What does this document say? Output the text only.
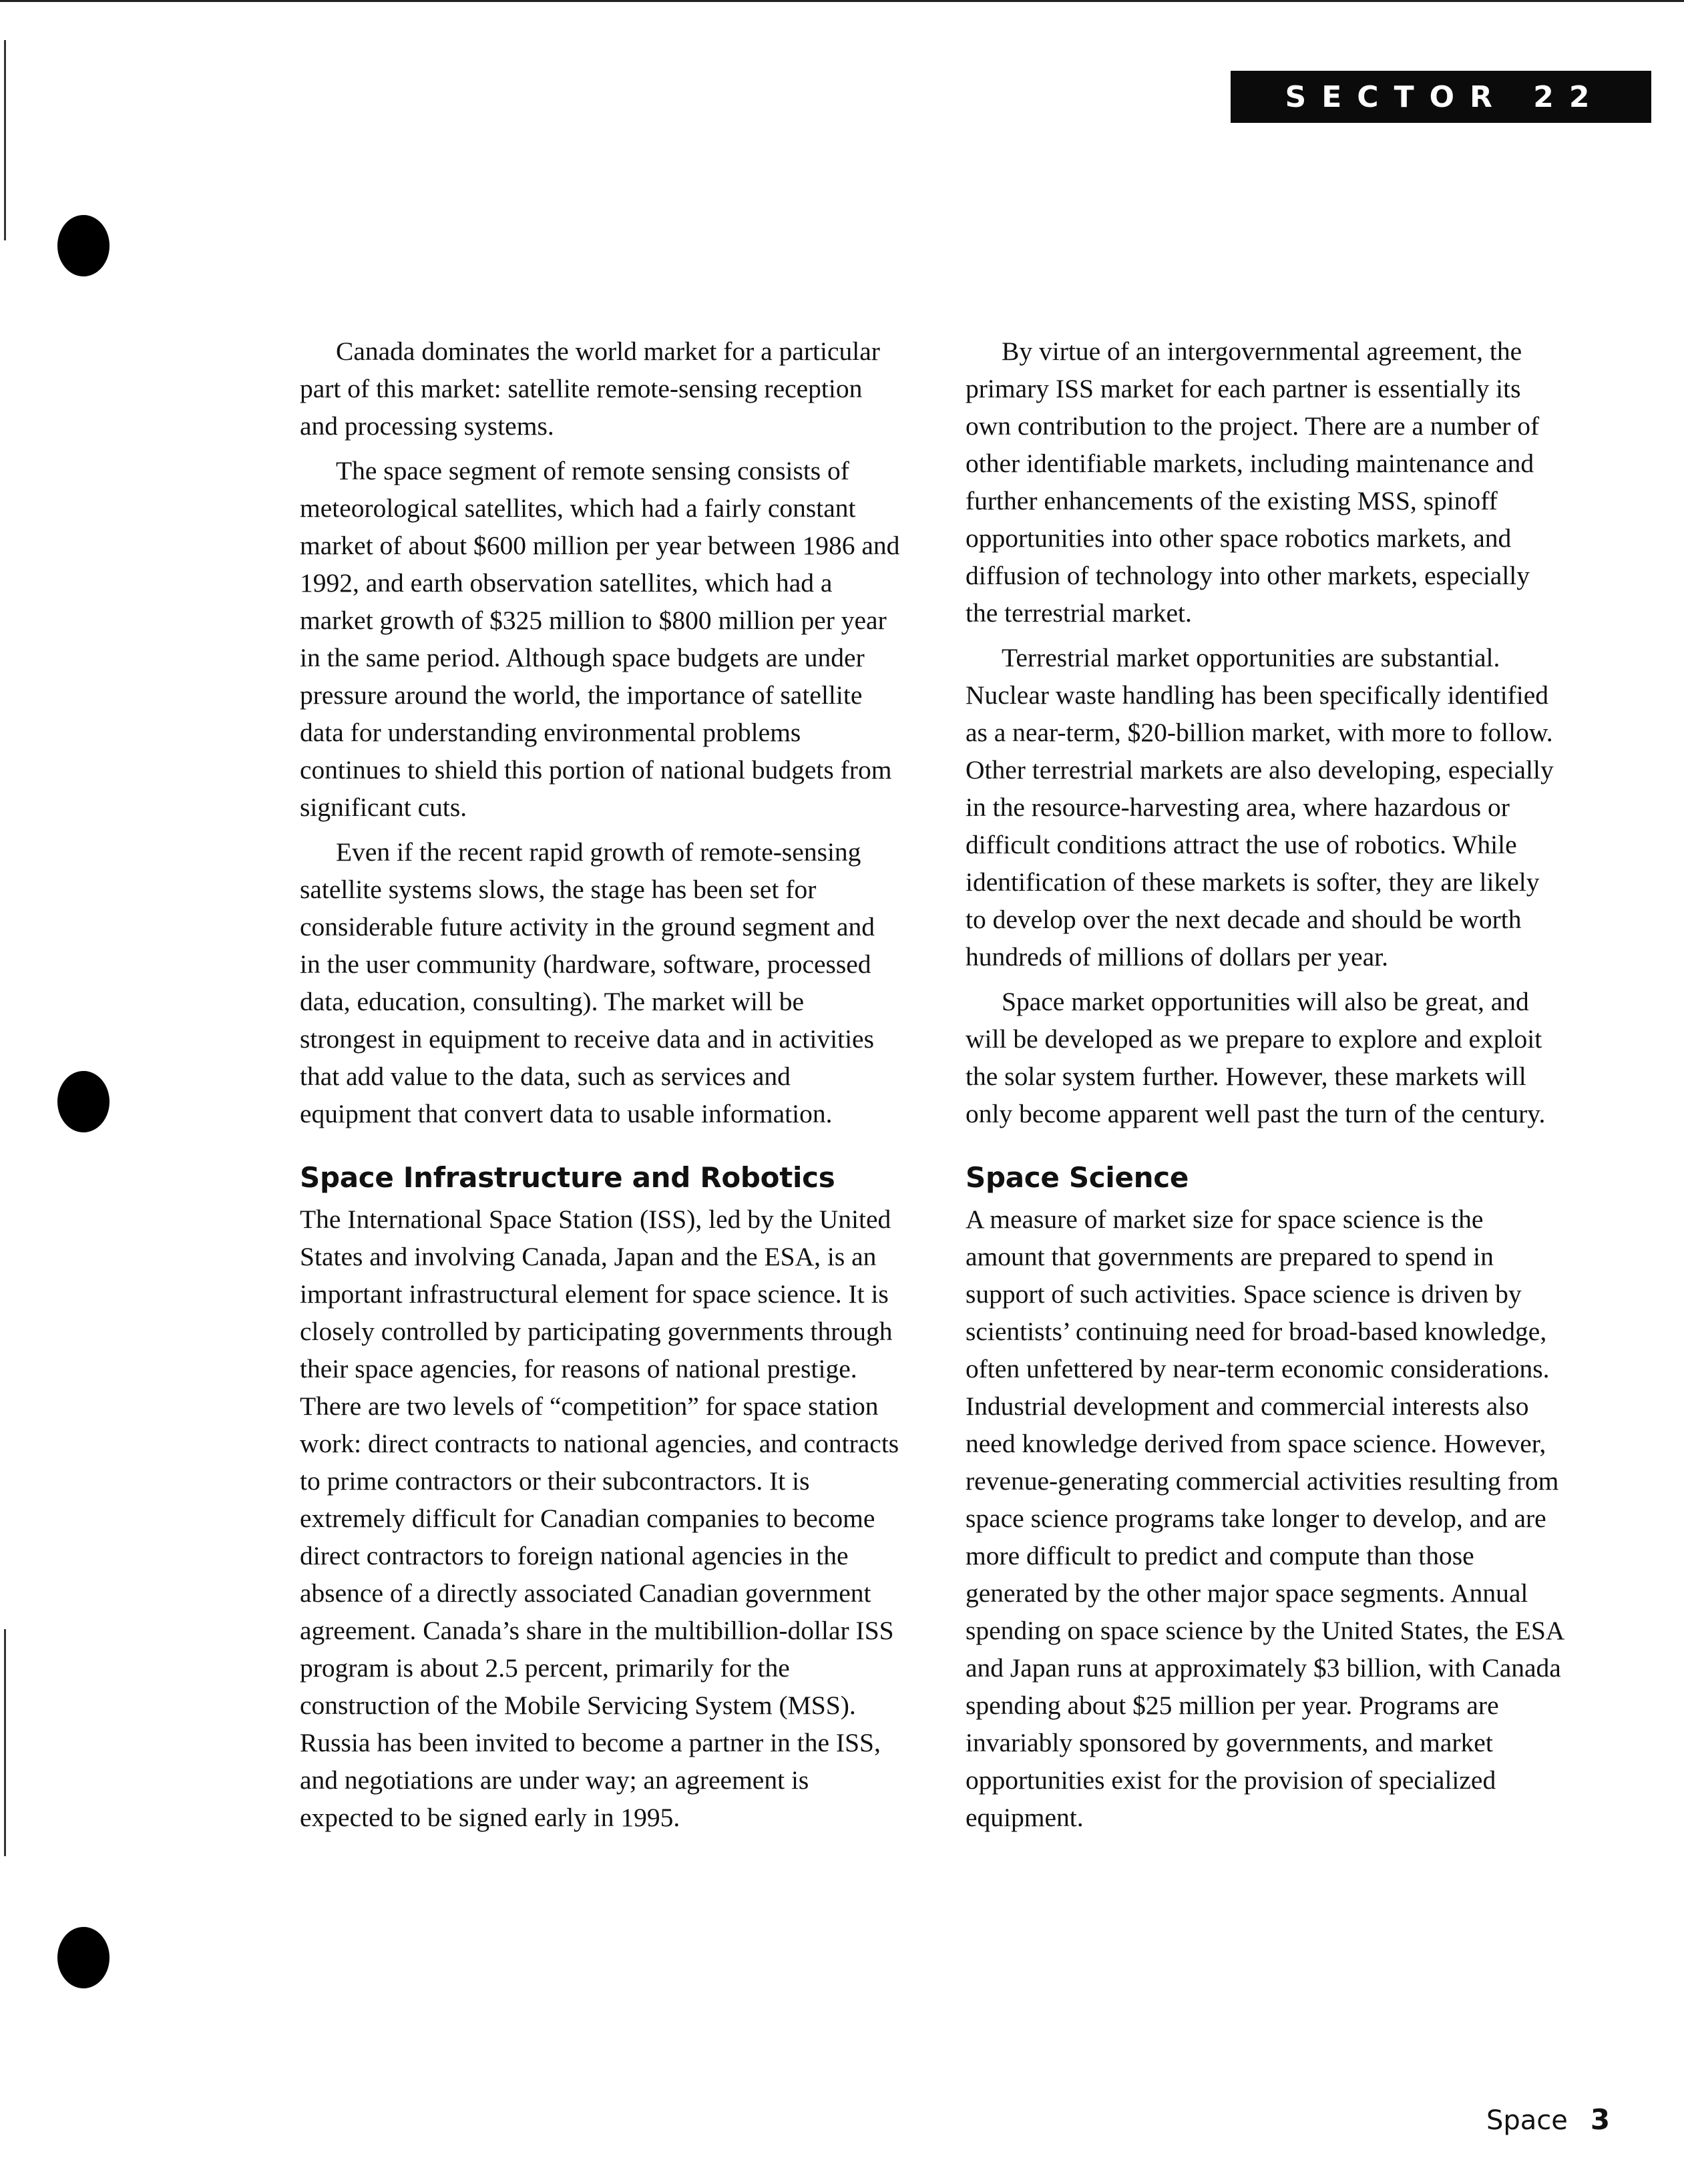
SECTOR 22

Canada dominates the world market for a particular part of this market: satellite remote-sensing reception and processing systems.

The space segment of remote sensing consists of meteorological satellites, which had a fairly constant market of about $600 million per year between 1986 and 1992, and earth observation satellites, which had a market growth of $325 million to $800 million per year in the same period. Although space budgets are under pressure around the world, the importance of satellite data for understanding environmental problems continues to shield this portion of national budgets from significant cuts.

Even if the recent rapid growth of remote-sensing satellite systems slows, the stage has been set for considerable future activity in the ground segment and in the user community (hardware, software, processed data, education, consulting). The market will be strongest in equipment to receive data and in activities that add value to the data, such as services and equipment that convert data to usable information.

Space Infrastructure and Robotics

The International Space Station (ISS), led by the United States and involving Canada, Japan and the ESA, is an important infrastructural element for space science. It is closely controlled by participating governments through their space agencies, for reasons of national prestige. There are two levels of “competition” for space station work: direct contracts to national agencies, and contracts to prime contractors or their subcontractors. It is extremely difficult for Canadian companies to become direct contractors to foreign national agencies in the absence of a directly associated Canadian government agreement. Canada’s share in the multibillion-dollar ISS program is about 2.5 percent, primarily for the construction of the Mobile Servicing System (MSS). Russia has been invited to become a partner in the ISS, and negotiations are under way; an agreement is expected to be signed early in 1995.

By virtue of an intergovernmental agreement, the primary ISS market for each partner is essentially its own contribution to the project. There are a number of other identifiable markets, including maintenance and further enhancements of the existing MSS, spinoff opportunities into other space robotics markets, and diffusion of technology into other markets, especially the terrestrial market.

Terrestrial market opportunities are substantial. Nuclear waste handling has been specifically identified as a near-term, $20-billion market, with more to follow. Other terrestrial markets are also developing, especially in the resource-harvesting area, where hazardous or difficult conditions attract the use of robotics. While identification of these markets is softer, they are likely to develop over the next decade and should be worth hundreds of millions of dollars per year.

Space market opportunities will also be great, and will be developed as we prepare to explore and exploit the solar system further. However, these markets will only become apparent well past the turn of the century.

Space Science

A measure of market size for space science is the amount that governments are prepared to spend in support of such activities. Space science is driven by scientists’ continuing need for broad-based knowledge, often unfettered by near-term economic considerations. Industrial development and commercial interests also need knowledge derived from space science. However, revenue-generating commercial activities resulting from space science programs take longer to develop, and are more difficult to predict and compute than those generated by the other major space segments. Annual spending on space science by the United States, the ESA and Japan runs at approximately $3 billion, with Canada spending about $25 million per year. Programs are invariably sponsored by governments, and market opportunities exist for the provision of specialized equipment.

Space 3
